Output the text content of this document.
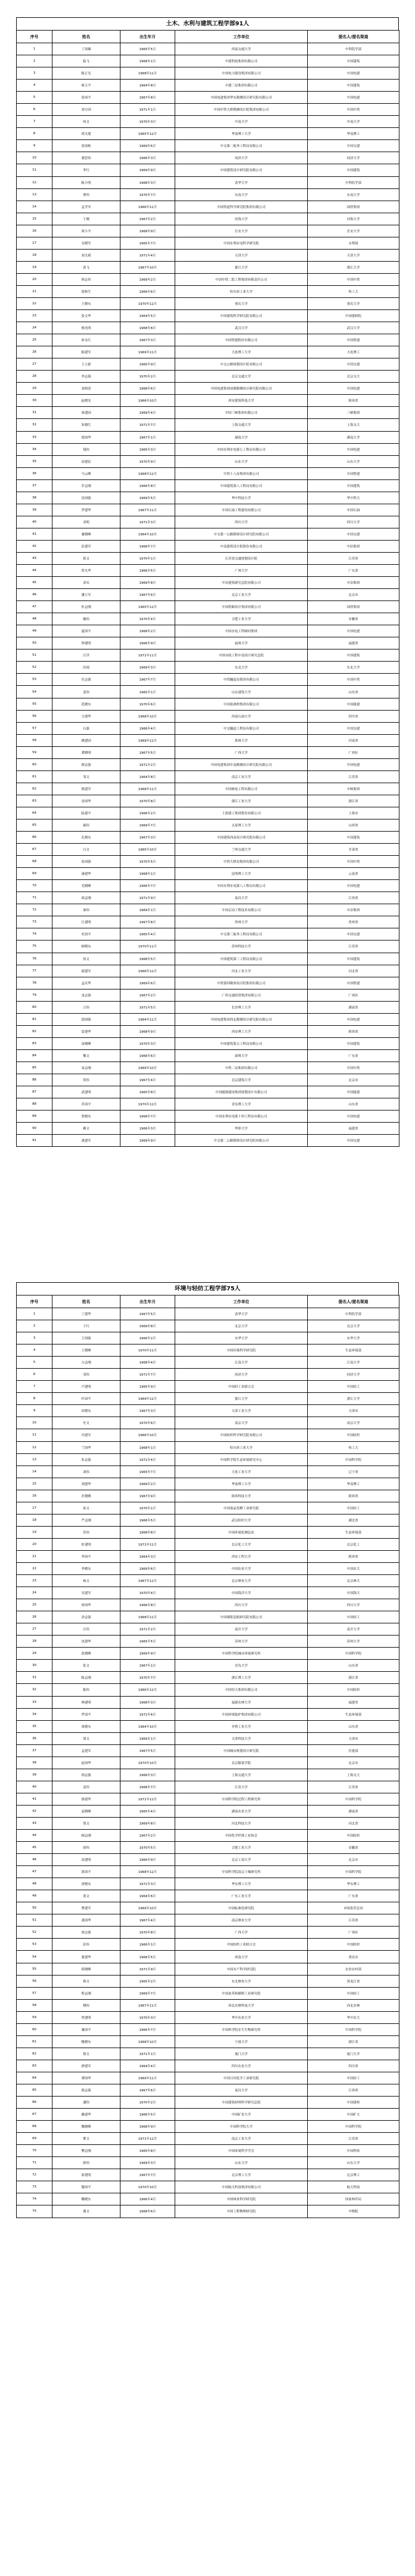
土木、水利与建筑工程学部91人
序号	姓名	出生年月	工作单位	提名人/提名渠道
1	丁国雄	1965年5月	西南交通大学	中科院学部
2	陆飞	1968年1月	中建科技集团有限公司	中国建筑
3	陈正光	1968年11月	中国电力建设集团有限公司	中国电建
4	杨玉平	1964年8月	中建三局集团有限公司	中国建筑
5	张国平	1967年8月	中国电建集团华东勘测设计研究院有限公司	中国电建
6	刘方国	1971年1月	中国中铁大桥勘测设计院集团有限公司	中国中铁
7	何文	1970年3月	中南大学	中南大学
8	胡文建	1965年12月	华南理工大学	华南理工
9	张国栋	1969年6月	中交第二航务工程局有限公司	中国交建
10	董思伟	1966年3月	同济大学	同济大学
11	李红	1969年9月	中国建筑设计研究院有限公司	中国建筑
12	陈小明	1968年3月	清华大学	中科院学部
13	曹伟	1970年7月	东南大学	东南大学
14	孟学军	1966年11月	中国铁道科学研究院集团有限公司	国铁集团
15	王刚	1967年2月	河海大学	河海大学
16	周小平	1968年9月	长安大学	长安大学
17	吴晓军	1965年7月	中国水利水电科学研究院	水利部
18	刘文斌	1971年4月	天津大学	天津大学
19	黄飞	1967年10月	浙江大学	浙江大学
20	韩志伟	1969年2月	中国中铁二院工程集团有限责任公司	中国中铁
21	徐秋生	1966年6月	哈尔滨工业大学	哈工大
22	王晓东	1970年12月	重庆大学	重庆大学
23	张文华	1964年5月	中国建筑科学研究院有限公司	中国建研院
24	杨光明	1968年8月	武汉大学	武汉大学
25	孙永红	1967年3月	中国铁建股份有限公司	中国铁建
26	陈建军	1969年11月	大连理工大学	大连理工
27	王立新	1965年9月	中交公路规划设计院有限公司	中国交建
28	李志强	1970年2月	北京交通大学	北京交大
29	刘海涛	1968年6月	中国电建集团成都勘测设计研究院有限公司	中国电建
30	赵晓光	1966年10月	西安建筑科技大学	陕西省
31	周建国	1969年4月	中国三峡集团有限公司	三峡集团
32	朱晓红	1971年7月	上海交通大学	上海交大
33	郑国华	1967年1月	湖南大学	湖南大学
34	钱伟	1965年3月	中国水利水电第七工程局有限公司	中国电建
35	高建民	1970年9月	山东大学	山东大学
36	马云峰	1968年12月	中铁十八局集团有限公司	中国铁建
37	许志刚	1966年8月	中国建筑第八工程局有限公司	中国建筑
38	沈国强	1969年5月	华中科技大学	华中科大
39	罗建华	1967年11月	中国石油工程建设有限公司	中国石油
40	邓明	1971年3月	四川大学	四川大学
41	谢晓峰	1964年10月	中交第一公路勘察设计研究院有限公司	中国交建
42	彭建军	1968年7月	中南建筑设计院股份有限公司	中信集团
43	蒋文	1970年1月	江苏省交通规划设计院	江苏省
44	曾凡华	1966年5月	广州大学	广东省
45	余庆	1969年8月	中冶建筑研究总院有限公司	中冶集团
46	潘立军	1967年6月	北京工业大学	北京市
47	杜志刚	1965年12月	中国铁路设计集团有限公司	国铁集团
48	戴伟	1970年4月	合肥工业大学	安徽省
49	夏国平	1968年2月	中国水电工程顾问集团	中国电建
50	钟建明	1966年9月	福州大学	福建省
51	汪洋	1971年11月	中国市政工程中南设计研究总院	中国建筑
52	田雨	1969年3月	东北大学	东北大学
53	任志强	1967年7月	中铁隧道局集团有限公司	中国中铁
54	姜伟	1965年1月	山东建筑大学	山东省
55	范晓东	1970年6月	中国葛洲坝集团有限公司	中国能建
56	方建华	1968年10月	西南石油大学	四川省
57	石磊	1966年4月	中交隧道工程局有限公司	中国交建
58	姚建国	1969年12月	郑州大学	河南省
59	谭晓明	1967年5月	广西大学	广西区
60	廖志强	1971年2月	中国电建集团中南勘测设计研究院有限公司	中国电建
61	邹文	1964年8月	南京工业大学	江苏省
62	熊建军	1968年11月	中国核电工程有限公司	中核集团
63	金国华	1970年8月	浙江工业大学	浙江省
64	陆建平	1966年2月	上海建工集团股份有限公司	上海市
65	郝伟	1969年7月	太原理工大学	山西省
66	孔晓东	1967年3月	中国建筑西南设计研究院有限公司	中国建筑
67	白文	1965年10月	兰州交通大学	甘肃省
68	崔国强	1970年5月	中铁大桥局集团有限公司	中国中铁
69	康建华	1968年1月	昆明理工大学	云南省
70	毛晓峰	1966年7月	中国水利水电第八工程局有限公司	中国电建
71	邱志刚	1971年9月	南昌大学	江西省
72	秦伟	1969年1月	中国京冶工程技术有限公司	中冶集团
73	江建明	1967年8月	贵州大学	贵州省
74	史国平	1965年4月	中交第三航务工程局有限公司	中国交建
75	顾晓东	1970年11月	苏州科技大学	江苏省
76	侯文	1968年5月	中国建筑第三工程局有限公司	中国建筑
77	邵建军	1966年12月	河北工业大学	河北省
78	孟庆华	1969年6月	中铁第四勘察设计院集团有限公司	中国铁建
79	龙志强	1967年2月	广西交通投资集团有限公司	广西区
80	万伟	1971年5月	长沙理工大学	湖南省
81	段国强	1964年11月	中国电建集团西北勘测设计研究院有限公司	中国电建
82	雷建华	1968年9月	西安理工大学	陕西省
83	汤晓峰	1970年3月	中国建筑第五工程局有限公司	中国建筑
84	黎文	1966年6月	深圳大学	广东省
85	易志刚	1969年10月	中铁二局集团有限公司	中国中铁
86	常伟	1967年4月	北京建筑大学	北京市
87	武建明	1965年8月	中国能源建设集团规划设计有限公司	中国能建
88	乔国平	1970年12月	青岛理工大学	山东省
89	贺晓东	1968年7月	中国水利水电第十四工程局有限公司	中国电建
90	赖文	1966年3月	华侨大学	福建省
91	龚建军	1969年9月	中交第二公路勘察设计研究院有限公司	中国交建
环境与轻纺工程学部75人
序号	姓名	出生年月	工作单位	提名人/提名渠道
1	丁建华	1967年5月	清华大学	中科院学部
2	于红	1969年8月	北京大学	北京大学
3	王国强	1966年2月	东华大学	东华大学
4	王晓峰	1970年11月	中国环境科学研究院	生态环境部
5	方志刚	1968年4月	江南大学	江南大学
6	邓伟	1971年7月	同济大学	同济大学
7	卢建明	1965年9月	中国轻工业联合会	中国轻工
8	叶国平	1969年12月	浙江大学	浙江大学
9	田晓东	1967年3月	天津工业大学	天津市
10	史文	1970年6月	南京大学	南京大学
11	冯建军	1966年10月	中国纺织科学研究院有限公司	中国纺织
12	兰国华	1968年1月	哈尔滨工业大学	哈工大
13	朱志强	1971年4月	中国科学院生态环境研究中心	中国科学院
14	刘伟	1965年7月	大连工业大学	辽宁省
15	刘建华	1969年2月	华南理工大学	华南理工
16	许晓峰	1967年9月	陕西科技大学	陕西省
17	孙文	1970年1月	中国食品发酵工业研究院	中国轻工
18	严志刚	1966年5月	武汉纺织大学	湖北省
19	苏伟	1968年8月	中国环境监测总站	生态环境部
20	杜建明	1971年11月	北京化工大学	北京化工
21	李国平	1964年3月	西安工程大学	陕西省
22	李晓东	1969年6月	中国农业大学	中国农大
23	杨文	1967年12月	北京林业大学	北京林大
24	吴建军	1970年4月	中国海洋大学	中国海大
25	何国华	1966年8月	四川大学	四川大学
26	余志强	1968年11月	中国制浆造纸研究院有限公司	中国轻工
27	汪伟	1971年2月	南开大学	南开大学
28	沈建华	1965年5月	苏州大学	苏州大学
29	张晓峰	1969年9月	中国科学院城市环境研究所	中国科学院
30	张文	1967年1月	青岛大学	山东省
31	陈志刚	1970年7月	浙江理工大学	浙江省
32	陈伟	1966年12月	中国恒天集团有限公司	中国纺织
33	林建明	1968年3月	福建农林大学	福建省
34	罗国平	1971年6月	中国环境保护集团有限公司	生态环境部
35	周晓东	1964年10月	齐鲁工业大学	山东省
36	郑文	1969年1月	天津科技大学	天津市
37	孟建军	1967年5月	中国城市规划设计研究院	住建部
38	赵国华	1970年10月	北京服装学院	北京市
39	胡志强	1966年3月	上海交通大学	上海交大
40	姜伟	1968年7月	江苏大学	江苏省
41	骆建华	1971年12月	中国科学院过程工程研究所	中国科学院
42	袁晓峰	1965年4月	湖南农业大学	湖南省
43	贾文	1969年8月	河北科技大学	河北省
44	顾志刚	1967年2月	中国化学纤维工业协会	中国纺织
45	徐伟	1970年5月	合肥工业大学	安徽省
46	高建明	1966年9月	北京工商大学	北京市
47	郭国平	1968年12月	中国科学院南京土壤研究所	中国科学院
48	唐晓东	1971年3月	华东理工大学	华东理工
49	黄文	1964年6月	广东工业大学	广东省
50	曹建军	1969年10月	中国标准化研究院	市场监管总局
51	龚国华	1967年4月	南京林业大学	江苏省
52	梁志强	1970年8月	广西大学	广西区
53	彭伟	1966年1月	中国纺织工业联合会	中国纺织
54	董建华	1968年5月	西南大学	重庆市
55	蒋晓峰	1971年9月	中国水产科学研究院	农业农村部
56	韩文	1965年2月	东北林业大学	黑龙江省
57	程志刚	1969年7月	中国皮革和制鞋工业研究院	中国轻工
58	傅伟	1967年11月	西北农林科技大学	西北农林
59	曾建明	1970年3月	华中农业大学	华中农大
60	谢国平	1966年7月	中国科学院水生生物研究所	中国科学院
61	鲍晓东	1968年10月	宁波大学	浙江省
62	蔡文	1971年1月	厦门大学	厦门大学
63	廖建军	1964年4月	四川农业大学	四川省
64	谭国华	1969年11月	中国日用化学工业研究院	中国轻工
65	熊志强	1967年6月	南昌大学	江西省
66	潘伟	1970年2月	中国建筑材料科学研究总院	中国建材
67	戴建华	1966年5月	中国矿业大学	中国矿大
68	魏晓峰	1968年9月	中国科学院大学	中国科学院
69	瞿文	1971年12月	南京工业大学	江苏省
70	樊志刚	1965年8月	中国环境科学学会	中国科协
71	薛伟	1969年3月	山东大学	山东大学
72	霍建明	1967年7月	北京理工大学	北京理工
73	穆国平	1970年10月	中国航天科技集团有限公司	航天科技
74	鞠晓东	1966年4月	中国林业科学研究院	国家林草局
75	冀文	1968年6月	中国工程物理研究院	中物院
